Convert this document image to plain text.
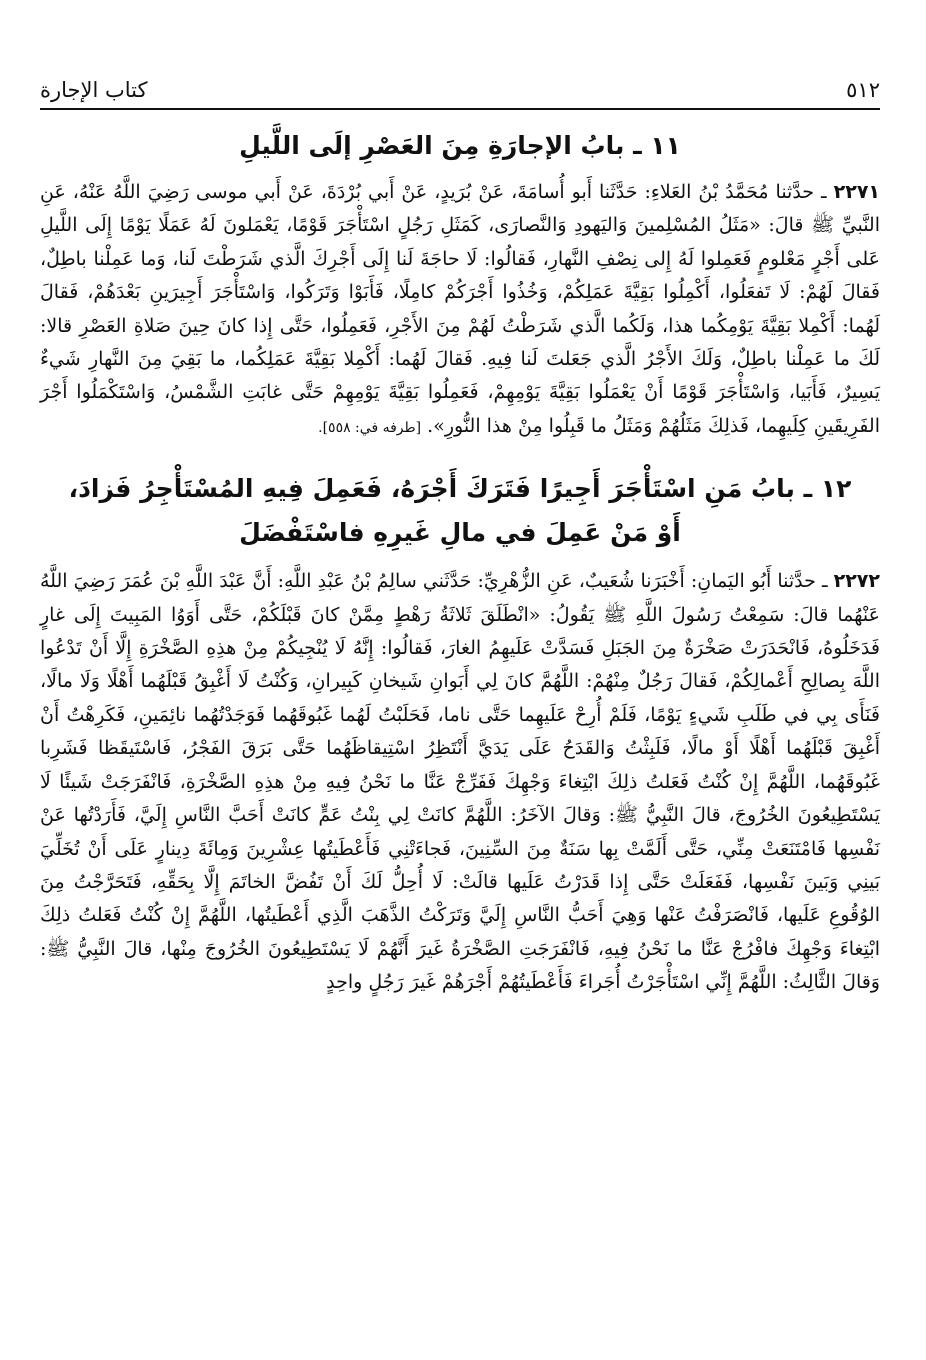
٥١٢
كتاب الإجارة
١١ ـ بابُ الإجارَةِ مِنَ العَصْرِ إلَى اللَّيلِ

٢٢٧١ ـ حدَّثنا مُحَمَّدُ بْنُ العَلاءِ: حَدَّثَنا أَبو أُسامَةَ، عَنْ بُرَيدٍ، عَنْ أَبي بُرْدَةَ، عَنْ أَبي موسى رَضِيَ اللَّهُ عَنْهُ، عَنِ النَّبيِّ ﷺ قالَ: «مَثَلُ المُسْلِمينَ وَاليَهودِ وَالنَّصارَى، كَمَثَلِ رَجُلٍ اسْتَأْجَرَ قَوْمًا، يَعْمَلونَ لَهُ عَمَلًا يَوْمًا إِلَى اللَّيلِ عَلى أَجْرٍ مَعْلومٍ فَعَمِلوا لَهُ إِلى نِصْفِ النَّهارِ، فَقالُوا: لَا حاجَةَ لَنا إِلَى أَجْرِكَ الَّذي شَرَطْتَ لَنا، وَما عَمِلْنا باطِلٌ، فَقالَ لَهُمْ: لَا تَفعَلُوا، أَكْمِلُوا بَقِيَّةَ عَمَلِكُمْ، وَخُذُوا أَجْرَكُمْ كامِلًا، فَأَبَوْا وَتَرَكُوا، وَاسْتَأْجَرَ أَجِيرَينِ بَعْدَهُمْ، فَقالَ لَهُما: أَكْمِلا بَقِيَّةَ يَوْمِكُما هذا، وَلَكُما الَّذي شَرَطْتُ لَهُمْ مِنَ الأَجْرِ، فَعَمِلُوا، حَتَّى إِذا كانَ حِينَ صَلاةِ العَصْرِ قالا: لَكَ ما عَمِلْنا باطِلٌ، وَلَكَ الأَجْرُ الَّذي جَعَلتَ لَنا فِيهِ. فَقالَ لَهُما: أَكْمِلا بَقِيَّةَ عَمَلِكُما، ما بَقِيَ مِنَ النَّهارِ شَيءٌ يَسِيرٌ، فَأَبَيا، وَاسْتَأْجَرَ قَوْمًا أَنْ يَعْمَلُوا بَقِيَّةَ يَوْمِهِمْ، فَعَمِلُوا بَقِيَّةَ يَوْمِهِمْ حَتَّى غابَتِ الشَّمْسُ، وَاسْتَكْمَلُوا أَجْرَ الفَرِيقَينِ كِلَيهِما، فَذلِكَ مَثَلُهُمْ وَمَثَلُ ما قَبِلُوا مِنْ هذا النُّورِ». [طرفه في: ٥٥٨].

١٢ ـ بابُ مَنِ اسْتَأْجَرَ أَجِيرًا فَتَرَكَ أَجْرَهُ، فَعَمِلَ فِيهِ المُسْتَأْجِرُ فَزادَ،
أَوْ مَنْ عَمِلَ في مالِ غَيرِهِ فاسْتَفْضَلَ

٢٢٧٢ ـ حدَّثنا أَبُو اليَمانِ: أَخْبَرَنا شُعَيبٌ، عَنِ الزُّهْرِيِّ: حَدَّثَني سالِمُ بْنُ عَبْدِ اللَّهِ: أَنَّ عَبْدَ اللَّهِ بْنَ عُمَرَ رَضِيَ اللَّهُ عَنْهُما قالَ: سَمِعْتُ رَسُولَ اللَّهِ ﷺ يَقُولُ: «انْطَلَقَ ثَلاثَةُ رَهْطٍ مِمَّنْ كانَ قَبْلَكُمْ، حَتَّى أَوَوُا المَبِيتَ إِلَى غارٍ فَدَخَلُوهُ، فَانْحَدَرَتْ صَخْرَةٌ مِنَ الجَبَلِ فَسَدَّتْ عَلَيهِمُ الغارَ، فَقالُوا: إِنَّهُ لَا يُنْجِيكُمْ مِنْ هذِهِ الصَّخْرَةِ إِلَّا أَنْ تَدْعُوا اللَّهَ بِصالِحِ أَعْمالِكُمْ، فَقالَ رَجُلٌ مِنْهُمْ: اللَّهُمَّ كانَ لِي أَبَوانِ شَيخانِ كَبِيرانِ، وَكُنْتُ لَا أَغْبِقُ قَبْلَهُما أَهْلًا وَلَا مالًا، فَنَأَى بِي في طَلَبِ شَيءٍ يَوْمًا، فَلَمْ أُرِحْ عَلَيهِما حَتَّى ناما، فَحَلَبْتُ لَهُما غَبُوقَهُما فَوَجَدْتُهُما نائِمَينِ، فَكَرِهْتُ أَنْ أَغْبِقَ قَبْلَهُما أَهْلًا أَوْ مالًا، فَلَبِثْتُ وَالقَدَحُ عَلَى يَدَيَّ أَنْتَظِرُ اسْتِيقاظَهُما حَتَّى بَرَقَ الفَجْرُ، فَاسْتَيقَظا فَشَرِبا غَبُوقَهُما، اللَّهُمَّ إِنْ كُنْتُ فَعَلتُ ذلِكَ ابْتِغاءَ وَجْهِكَ فَفَرِّجْ عَنَّا ما نَحْنُ فِيهِ مِنْ هذِهِ الصَّخْرَةِ، فَانْفَرَجَتْ شَيئًا لَا يَسْتَطِيعُونَ الخُرُوجَ، قالَ النَّبِيُّ ﷺ: وَقالَ الآخَرُ: اللَّهُمَّ كانَتْ لِي بِنْتُ عَمٍّ كانَتْ أَحَبَّ النَّاسِ إِلَيَّ، فَأَرَدْتُها عَنْ نَفْسِها فَامْتَنَعَتْ مِنِّي، حَتَّى أَلَمَّتْ بِها سَنَةٌ مِنَ السِّنِينَ، فَجاءَتْنِي فَأَعْطَيتُها عِشْرِينَ وَمِائَةَ دِينارٍ عَلَى أَنْ تُخَلِّيَ بَينِي وَبَينَ نَفْسِها، فَفَعَلَتْ حَتَّى إِذا قَدَرْتُ عَلَيها قالَتْ: لَا أُحِلُّ لَكَ أَنْ تَفُضَّ الخاتَمَ إِلَّا بِحَقِّهِ، فَتَحَرَّجْتُ مِنَ الوُقُوعِ عَلَيها، فَانْصَرَفْتُ عَنْها وَهِيَ أَحَبُّ النَّاسِ إِلَيَّ وَتَرَكْتُ الذَّهَبَ الَّذِي أَعْطَيتُها، اللَّهُمَّ إِنْ كُنْتُ فَعَلتُ ذلِكَ ابْتِغاءَ وَجْهِكَ فافْرُجْ عَنَّا ما نَحْنُ فِيهِ، فَانْفَرَجَتِ الصَّخْرَةُ غَيرَ أَنَّهُمْ لَا يَسْتَطِيعُونَ الخُرُوجَ مِنْها، قالَ النَّبِيُّ ﷺ: وَقالَ الثَّالِثُ: اللَّهُمَّ إِنِّي اسْتَأْجَرْتُ أُجَراءَ فَأَعْطَيتُهُمْ أَجْرَهُمْ غَيرَ رَجُلٍ واحِدٍ
